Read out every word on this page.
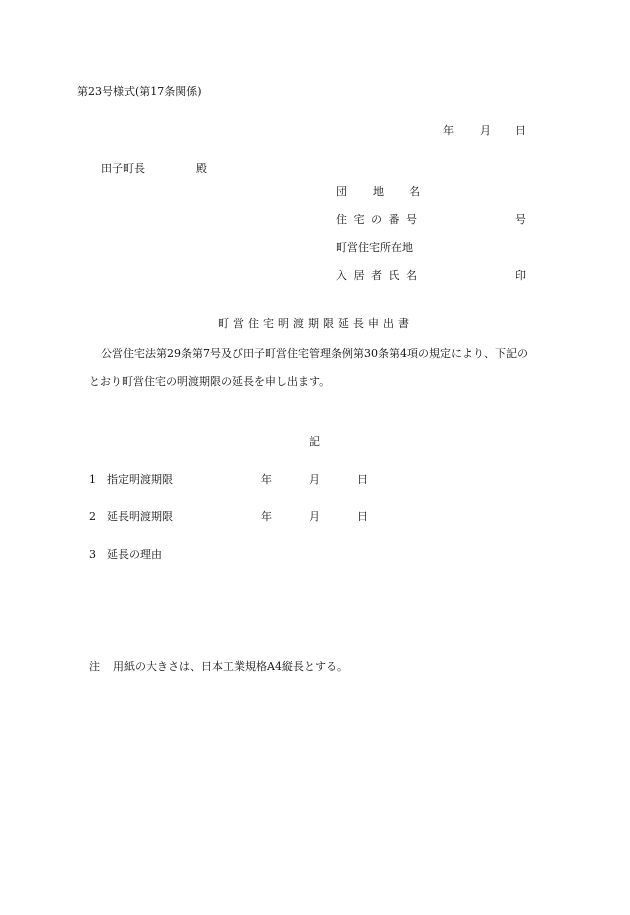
第23号様式(第17条関係)
年 月 日
田子町長	殿
団 地 名
住 宅 の 番 号	号
町営住宅所在地
入 居 者 氏 名	印
町営住宅明渡期限延長申出書
公営住宅法第29条第7号及び田子町営住宅管理条例第30条第4項の規定により、下記の
とおり町営住宅の明渡期限の延長を申し出ます。
記
1 指定明渡期限	年	月	日
2 延長明渡期限	年	月	日
3 延長の理由
注 用紙の大きさは、日本工業規格A4縦長とする。
